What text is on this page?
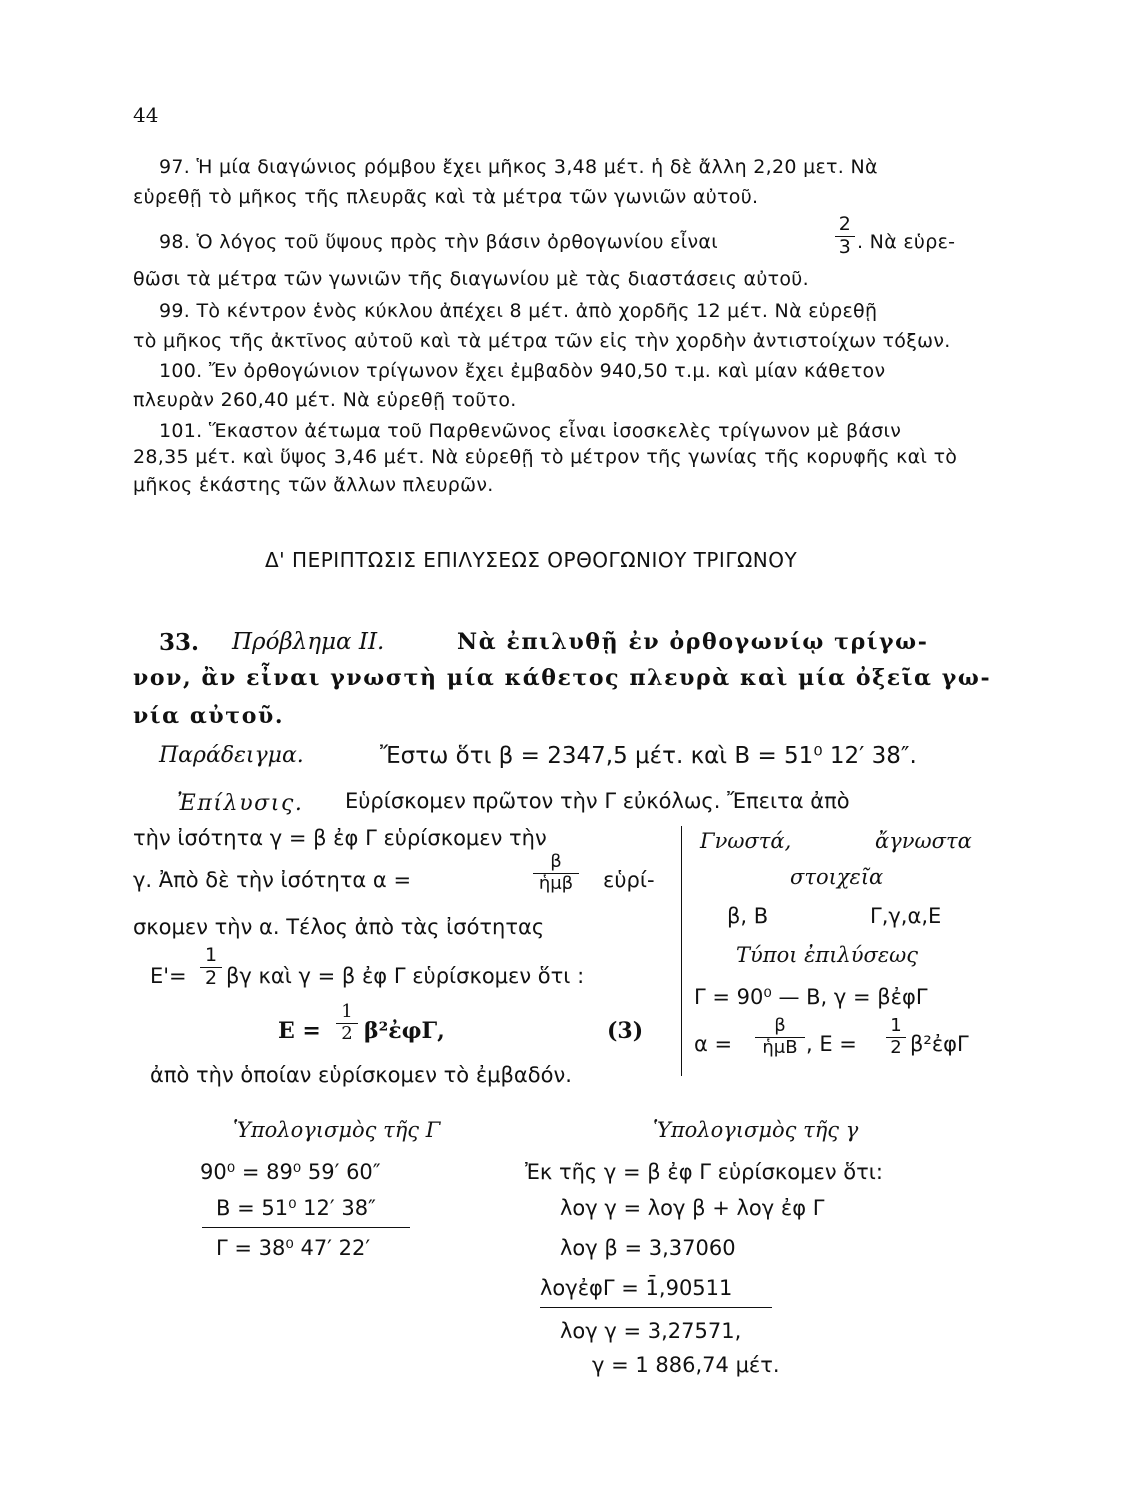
44
97. Ἡ μία διαγώνιος ρόμβου ἔχει μῆκος 3,48 μέτ. ἡ δὲ ἄλλη 2,20 μετ. Νὰ
εὑρεθῇ τὸ μῆκος τῆς πλευρᾶς καὶ τὰ μέτρα τῶν γωνιῶν αὐτοῦ.
98. Ὁ λόγος τοῦ ὕψους πρὸς τὴν βάσιν ὀρθογωνίου εἶναι
2
3 . Νὰ εὑρε-
θῶσι τὰ μέτρα τῶν γωνιῶν τῆς διαγωνίου μὲ τὰς διαστάσεις αὐτοῦ.
99. Τὸ κέντρον ἑνὸς κύκλου ἀπέχει 8 μέτ. ἀπὸ χορδῆς 12 μέτ. Νὰ εὑρεθῇ
τὸ μῆκος τῆς ἀκτῖνος αὐτοῦ καὶ τὰ μέτρα τῶν εἰς τὴν χορδὴν ἀντιστοίχων τόξων.
100. Ἔν ὀρθογώνιον τρίγωνον ἔχει ἐμβαδὸν 940,50 τ.μ. καὶ μίαν κάθετον
πλευρὰν 260,40 μέτ. Νὰ εὑρεθῇ τοῦτο.
101. Ἕκαστον ἀέτωμα τοῦ Παρθενῶνος εἶναι ἰσοσκελὲς τρίγωνον μὲ βάσιν
28,35 μέτ. καὶ ὕψος 3,46 μέτ. Νὰ εὑρεθῇ τὸ μέτρον τῆς γωνίας τῆς κορυφῆς καὶ τὸ
μῆκος ἑκάστης τῶν ἄλλων πλευρῶν.
Δ' ΠΕΡΙΠΤΩΣΙΣ ΕΠΙΛΥΣΕΩΣ ΟΡΘΟΓΩΝΙΟΥ ΤΡΙΓΩΝΟΥ
33. Πρόβλημα II.	Νὰ ἐπιλυθῇ ἐν ὀρθογωνίῳ τρίγω-
νον, ἂν εἶναι γνωστὴ μία κάθετος πλευρὰ καὶ μία ὀξεῖα γω-
νία αὐτοῦ.
Παράδειγμα.	Ἔστω ὅτι β = 2347,5 μέτ. καὶ Β = 51⁰ 12′ 38″.
Ἐπίλυσις. Εὑρίσκομεν πρῶτον τὴν Γ εὐκόλως. Ἔπειτα ἀπὸ
τὴν ἰσότητα γ = β ἐφ Γ εὑρίσκομεν τὴν
γ. Ἀπὸ δὲ τὴν ἰσότητα α =
β
ἡμβ εὑρί-
σκομεν τὴν α. Τέλος ἀπὸ τὰς ἰσότητας
Ε'=
1
2 βγ καὶ γ = β ἐφ Γ εὑρίσκομεν ὅτι :
Ε =
1
2 β²ἐφΓ,	(3)
ἀπὸ τὴν ὁποίαν εὑρίσκομεν τὸ ἐμβαδόν.
Γνωστά,	ἄγνωστα
στοιχεῖα
β, Β	Γ,γ,α,Ε
Τύποι ἐπιλύσεως
Γ = 90⁰ — Β, γ = βἐφΓ
α =
β
ἡμΒ , Ε =
1
2 β²ἐφΓ
Ὑπολογισμὸς τῆς Γ
90⁰ = 89⁰ 59′ 60″
Β = 51⁰ 12′ 38″
Γ = 38⁰ 47′ 22′
Ὑπολογισμὸς τῆς γ
Ἐκ τῆς γ = β ἐφ Γ εὑρίσκομεν ὅτι:
λογ γ = λογ β + λογ ἐφ Γ
λογ β = 3,37060
λογἐφΓ = 1̄,90511
λογ γ = 3,27571,
γ = 1 886,74 μέτ.
